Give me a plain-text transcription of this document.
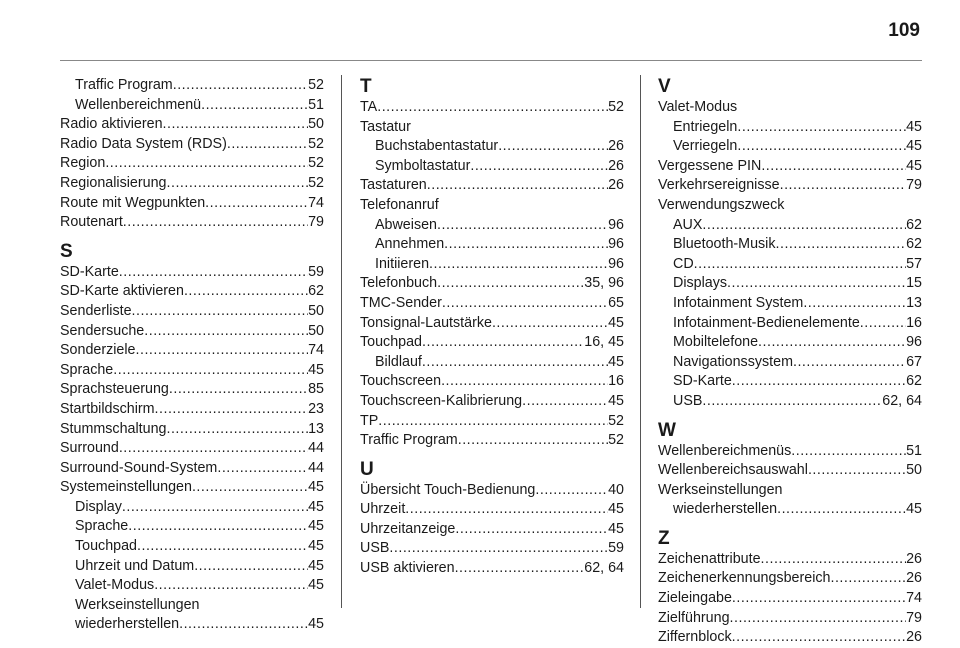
109
Traffic Program .....	52
Wellenbereichmenü .....	51
Radio aktivieren .....	50
Radio Data System (RDS) .....	52
Region .....	52
Regionalisierung .....	52
Route mit Wegpunkten .....	74
Routenart .....	79
S
SD-Karte .....	59
SD-Karte aktivieren .....	62
Senderliste .....	50
Sendersuche .....	50
Sonderziele .....	74
Sprache .....	45
Sprachsteuerung .....	85
Startbildschirm .....	23
Stummschaltung .....	13
Surround .....	44
Surround-Sound-System .....	44
Systemeinstellungen .....	45
Display .....	45
Sprache .....	45
Touchpad .....	45
Uhrzeit und Datum .....	45
Valet-Modus .....	45
Werkseinstellungen
wiederherstellen .....	45
T
TA .....	52
Tastatur
Buchstabentastatur .....	26
Symboltastatur .....	26
Tastaturen .....	26
Telefonanruf
Abweisen .....	96
Annehmen .....	96
Initiieren .....	96
Telefonbuch .....	35, 96
TMC-Sender .....	65
Tonsignal-Lautstärke .....	45
Touchpad .....	16, 45
Bildlauf .....	45
Touchscreen .....	16
Touchscreen-Kalibrierung .....	45
TP .....	52
Traffic Program .....	52
U
Übersicht Touch-Bedienung .....	40
Uhrzeit .....	45
Uhrzeitanzeige .....	45
USB .....	59
USB aktivieren .....	62, 64
V
Valet-Modus
Entriegeln .....	45
Verriegeln .....	45
Vergessene PIN .....	45
Verkehrsereignisse .....	79
Verwendungszweck
AUX .....	62
Bluetooth-Musik .....	62
CD .....	57
Displays .....	15
Infotainment System .....	13
Infotainment-Bedienelemente .....	16
Mobiltelefone .....	96
Navigationssystem .....	67
SD-Karte .....	62
USB .....	62, 64
W
Wellenbereichmenüs .....	51
Wellenbereichsauswahl .....	50
Werkseinstellungen
wiederherstellen .....	45
Z
Zeichenattribute .....	26
Zeichenerkennungsbereich .....	26
Zieleingabe .....	74
Zielführung .....	79
Ziffernblock .....	26
